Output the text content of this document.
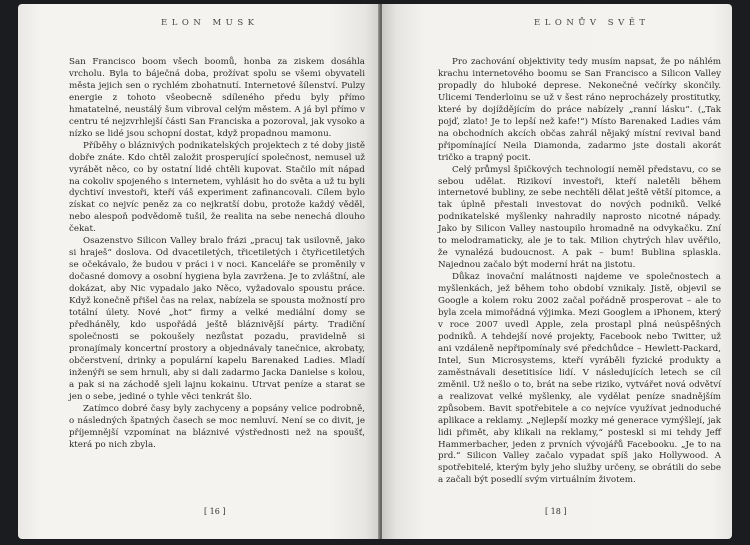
ELON MUSK

San Francisco boom všech boomů, honba za ziskem dosáhla vrcholu. Byla to báječná doba, prožívat spolu se všemi obyvateli města jejich sen o rychlém zbohatnutí. Internetové šílenství. Pulzy energie z tohoto všeobecně sdíleného předu byly přímo hmatatelné, neustálý šum vibroval celým městem. A já byl přímo v centru té nejzvrhlejší části San Franciska a pozoroval, jak vysoko a nízko se lidé jsou schopní dostat, když propadnou mamonu.

Příběhy o bláznivých podnikatelských projektech z té doby jistě dobře znáte. Kdo chtěl založit prosperující společnost, nemusel už vyrábět něco, co by ostatní lidé chtěli kupovat. Stačilo mít nápad na cokoliv spojeného s internetem, vyhlásit ho do světa a už tu byli dychtiví investoři, kteří váš experiment zafinancovali. Cílem bylo získat co nejvíc peněz za co nejkratší dobu, protože každý věděl, nebo alespoň podvědomě tušil, že realita na sebe nenechá dlouho čekat.

Osazenstvo Silicon Valley bralo frázi „pracuj tak usilovně, jako si hraješ“ doslova. Od dvacetiletých, třicetiletých i čtyřicetiletých se očekávalo, že budou v práci i v noci. Kanceláře se proměnily v dočasné domovy a osobní hygiena byla zavržena. Je to zvláštní, ale dokázat, aby Nic vypadalo jako Něco, vyžadovalo spoustu práce. Když konečně přišel čas na relax, nabízela se spousta možností pro totální úlety. Nové „hot“ firmy a velké mediální domy se předháněly, kdo uspořádá ještě bláznivější párty. Tradiční společnosti se pokoušely nezůstat pozadu, pravidelně si pronajímaly koncertní prostory a objednávaly tanečnice, akrobaty, občerstvení, drinky a populární kapelu Barenaked Ladies. Mladí inženýři se sem hrnuli, aby si dali zadarmo Jacka Danielse s kolou, a pak si na záchodě sjeli lajnu kokainu. Utrvat peníze a starat se jen o sebe, jediné o tyhle věci tenkrát šlo.

Zatímco dobré časy byly zachyceny a popsány velice podrobně, o následných špatných časech se moc nemluví. Není se co divit, je příjemnější vzpomínat na bláznivé výstřednosti než na spoušť, která po nich zbyla.

[ 16 ]
ELONŮV SVĚT

Pro zachování objektivity tedy musím napsat, že po náhlém krachu internetového boomu se San Francisco a Silicon Valley propadly do hluboké deprese. Nekonečné večírky skončily. Ulicemi Tenderloinu se už v šest ráno neprocházely prostitutky, které by dojíždějícím do práce nabízely „ranní lásku“. („Tak pojď, zlato! Je to lepší než kafe!“) Místo Barenaked Ladies vám na obchodních akcích občas zahrál nějaký místní revival band připomínající Neila Diamonda, zadarmo jste dostali akorát tričko a trapný pocit.

Celý průmysl špičkových technologií neměl představu, co se sebou udělat. Rizikoví investoři, kteří naletěli během internetové bubliny, ze sebe nechtěli dělat ještě větší pitomce, a tak úplně přestali investovat do nových podniků. Velké podnikatelské myšlenky nahradily naprosto nicotné nápady. Jako by Silicon Valley nastoupilo hromadně na odvykačku. Zní to melodramaticky, ale je to tak. Milion chytrých hlav uvěřilo, že vynalézá budoucnost. A pak – bum! Bublina splaskla. Najednou začalo být moderní hrát na jistotu.

Důkaz inovační malátnosti najdeme ve společnostech a myšlenkách, jež během toho období vznikaly. Jistě, objevil se Google a kolem roku 2002 začal pořádně prosperovat – ale to byla zcela mimořádná výjimka. Mezi Googlem a iPhonem, který v roce 2007 uvedl Apple, zela prostapl plná neúspěšných podniků. A tehdejší nové projekty, Facebook nebo Twitter, už ani vzdáleně nepřipomínaly své předchůdce – Hewlett-Packard, Intel, Sun Microsystems, kteří vyráběli fyzické produkty a zaměstnávali desetitisíce lidí. V následujících letech se cíl změnil. Už nešlo o to, brát na sebe riziko, vytvářet nová odvětví a realizovat velké myšlenky, ale vydělat peníze snadnějším způsobem. Bavit spotřebitele a co nejvíce využívat jednoduché aplikace a reklamy. „Nejlepší mozky mé generace vymýšlejí, jak lidi přimět, aby klikali na reklamy,“ posteskl si mi tehdy Jeff Hammerbacher, jeden z prvních vývojářů Facebooku. „Je to na prd.“ Silicon Valley začalo vypadat spíš jako Hollywood. A spotřebitelé, kterým byly jeho služby určeny, se obrátili do sebe a začali být posedlí svým virtuálním životem.

[ 18 ]
